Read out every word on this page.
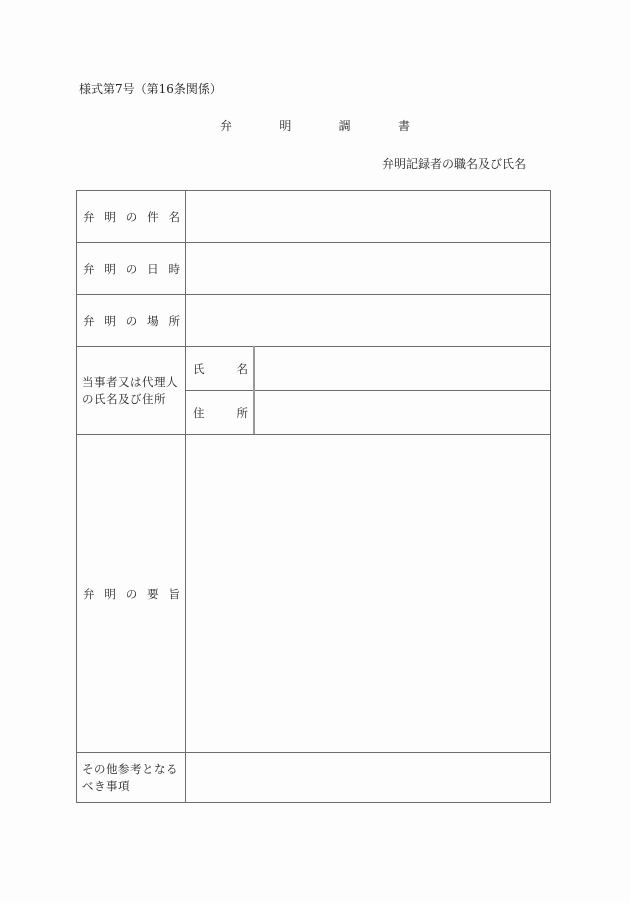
様式第7号（第16条関係）
弁	明	調	書
弁明記録者の職名及び氏名
弁 明 の 件 名
弁 明 の 日 時
弁 明 の 場 所
当事者又は代理人
の氏名及び住所
氏	名
住	所
弁 明 の 要 旨
その他参考となる
べき事項
